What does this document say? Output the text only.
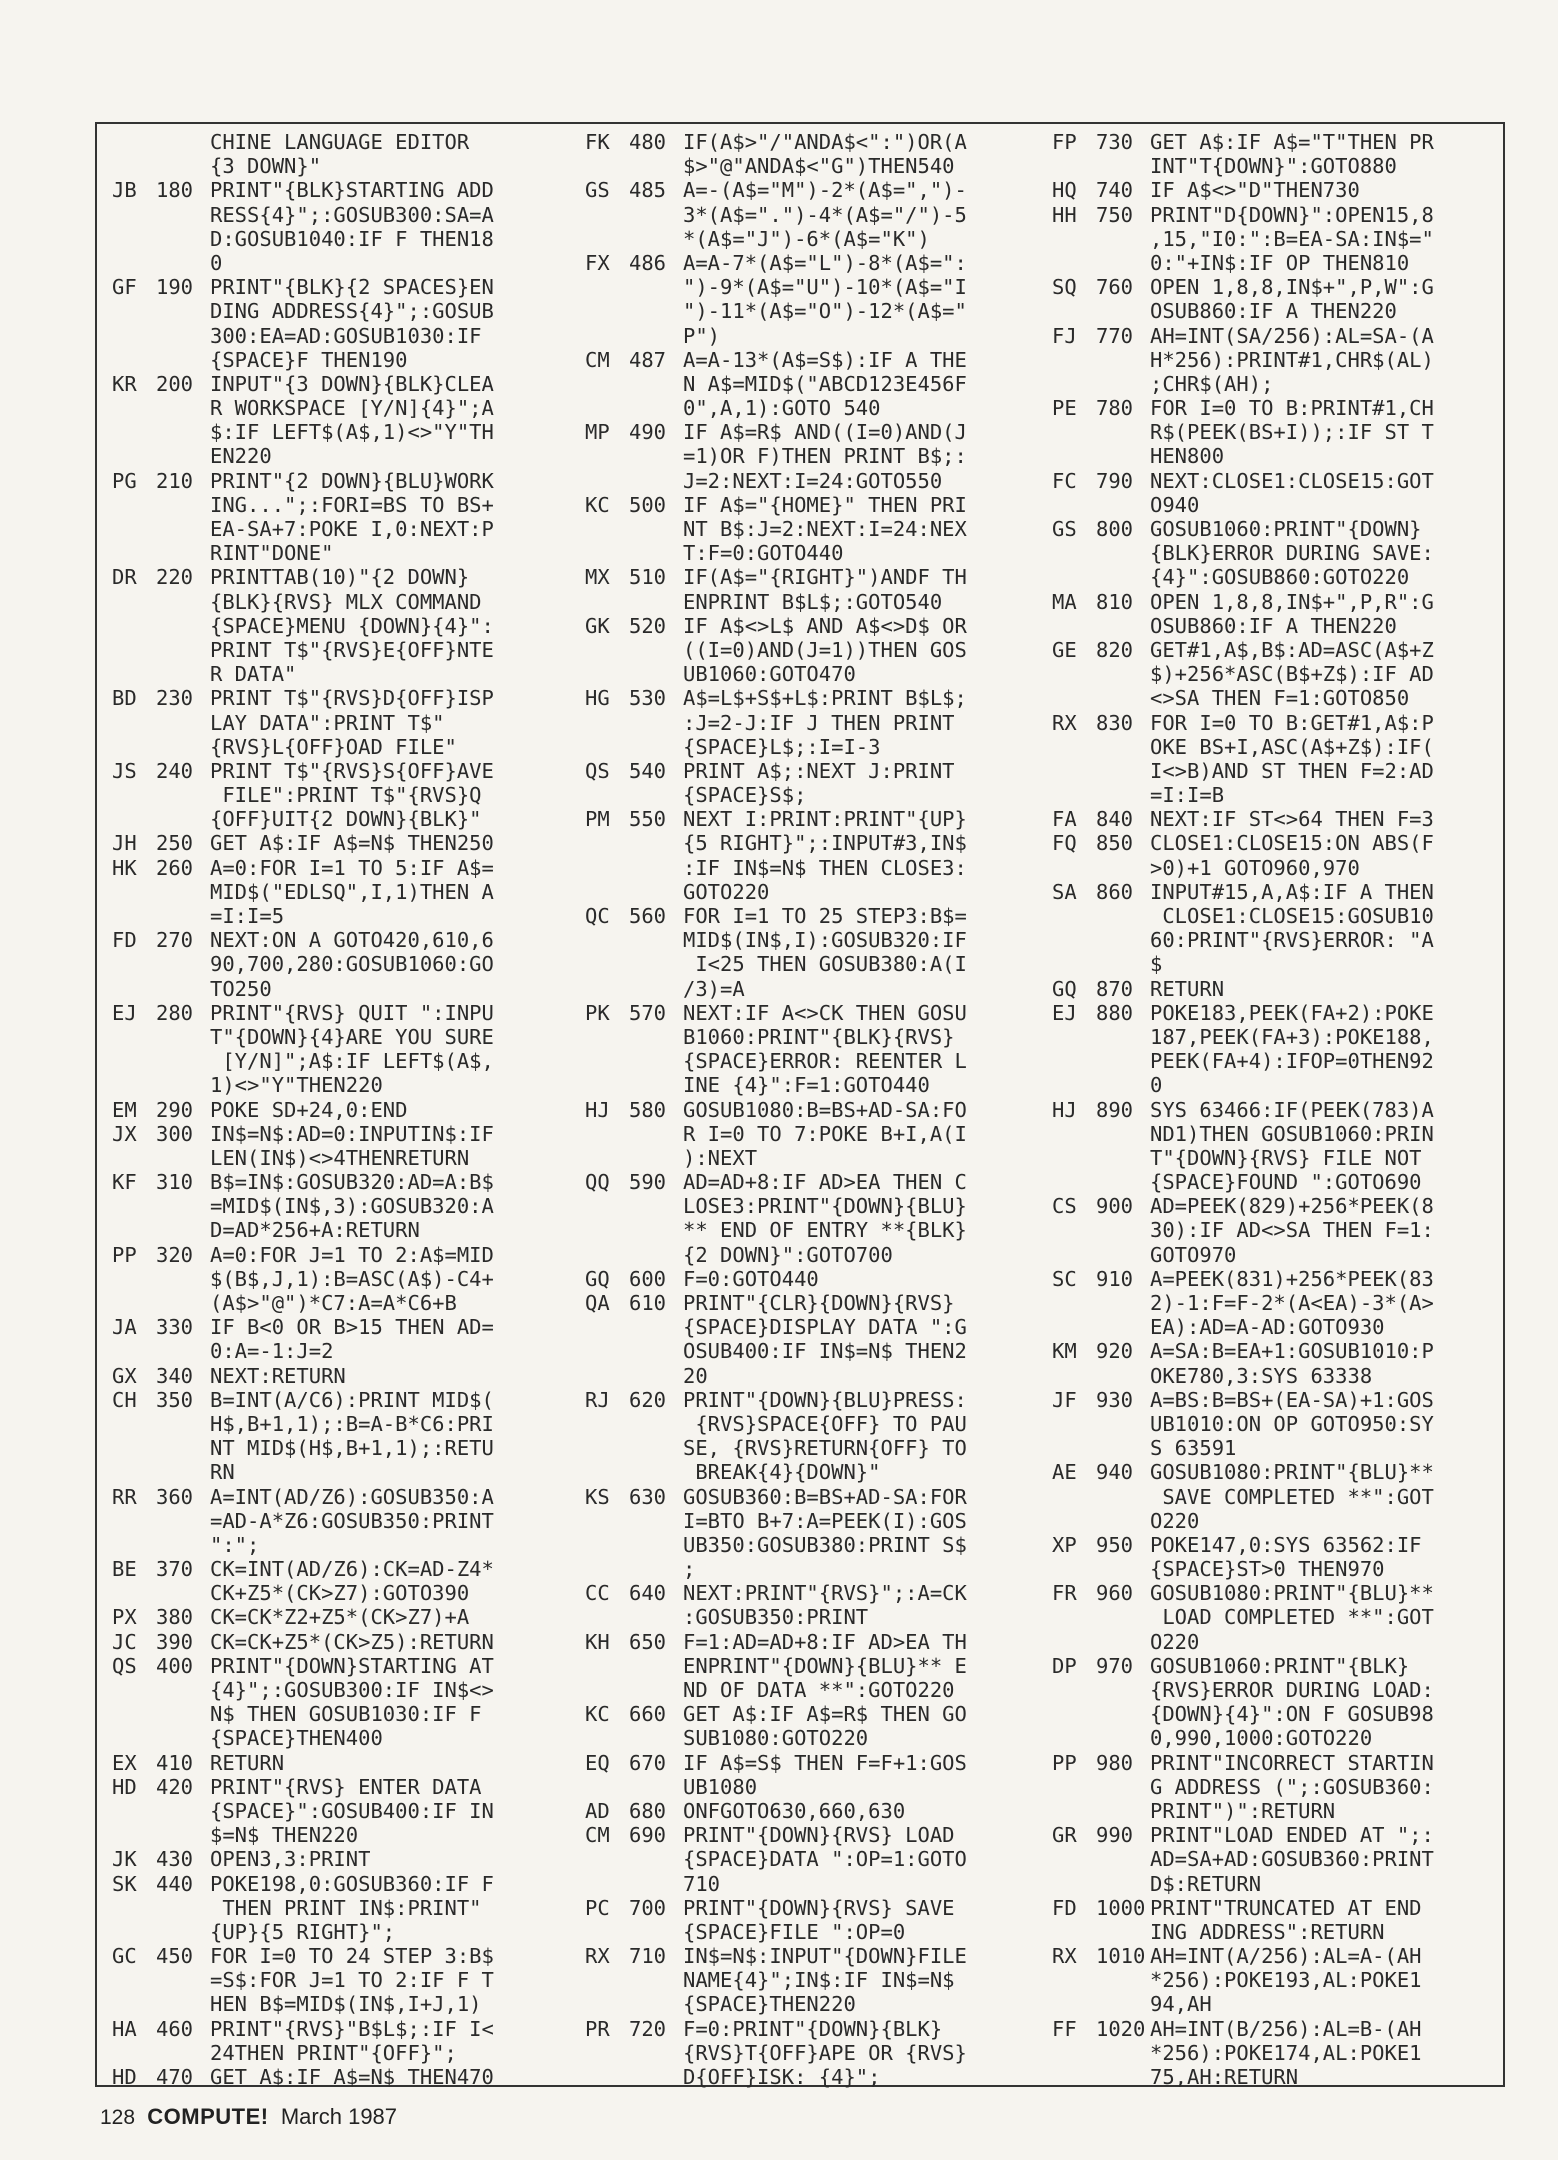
CHINE LANGUAGE EDITOR
{3 DOWN}"
JB 180 PRINT"{BLK}STARTING ADD
RESS{4}";:GOSUB300:SA=A
D:GOSUB1040:IF F THEN18
0
GF 190 PRINT"{BLK}{2 SPACES}EN
DING ADDRESS{4}";:GOSUB
300:EA=AD:GOSUB1030:IF
{SPACE}F THEN190
KR 200 INPUT"{3 DOWN}{BLK}CLEA
R WORKSPACE [Y/N]{4}";A
$:IF LEFT$(A$,1)<>"Y"TH
EN220
PG 210 PRINT"{2 DOWN}{BLU}WORK
ING...";:FORI=BS TO BS+
EA-SA+7:POKE I,0:NEXT:P
RINT"DONE"
DR 220 PRINTTAB(10)"{2 DOWN}
{BLK}{RVS} MLX COMMAND
{SPACE}MENU {DOWN}{4}":
PRINT T$"{RVS}E{OFF}NTE
R DATA"
BD 230 PRINT T$"{RVS}D{OFF}ISP
LAY DATA":PRINT T$"
{RVS}L{OFF}OAD FILE"
JS 240 PRINT T$"{RVS}S{OFF}AVE
FILE":PRINT T$"{RVS}Q
{OFF}UIT{2 DOWN}{BLK}"
JH 250 GET A$:IF A$=N$ THEN250
HK 260 A=0:FOR I=1 TO 5:IF A$=
MID$("EDLSQ",I,1)THEN A
=I:I=5
FD 270 NEXT:ON A GOTO420,610,6
90,700,280:GOSUB1060:GO
TO250
EJ 280 PRINT"{RVS} QUIT ":INPU
T"{DOWN}{4}ARE YOU SURE
[Y/N]";A$:IF LEFT$(A$,
1)<>"Y"THEN220
EM 290 POKE SD+24,0:END
JX 300 IN$=N$:AD=0:INPUTIN$:IF
LEN(IN$)<>4THENRETURN
KF 310 B$=IN$:GOSUB320:AD=A:B$
=MID$(IN$,3):GOSUB320:A
D=AD*256+A:RETURN
PP 320 A=0:FOR J=1 TO 2:A$=MID
$(B$,J,1):B=ASC(A$)-C4+
(A$>"@")*C7:A=A*C6+B
JA 330 IF B<0 OR B>15 THEN AD=
0:A=-1:J=2
GX 340 NEXT:RETURN
CH 350 B=INT(A/C6):PRINT MID$(
H$,B+1,1);:B=A-B*C6:PRI
NT MID$(H$,B+1,1);:RETU
RN
RR 360 A=INT(AD/Z6):GOSUB350:A
=AD-A*Z6:GOSUB350:PRINT
":";
BE 370 CK=INT(AD/Z6):CK=AD-Z4*
CK+Z5*(CK>Z7):GOTO390
PX 380 CK=CK*Z2+Z5*(CK>Z7)+A
JC 390 CK=CK+Z5*(CK>Z5):RETURN
QS 400 PRINT"{DOWN}STARTING AT
{4}";:GOSUB300:IF IN$<>
N$ THEN GOSUB1030:IF F
{SPACE}THEN400
EX 410 RETURN
HD 420 PRINT"{RVS} ENTER DATA
{SPACE}":GOSUB400:IF IN
$=N$ THEN220
JK 430 OPEN3,3:PRINT
SK 440 POKE198,0:GOSUB360:IF F
THEN PRINT IN$:PRINT"
{UP}{5 RIGHT}";
GC 450 FOR I=0 TO 24 STEP 3:B$
=S$:FOR J=1 TO 2:IF F T
HEN B$=MID$(IN$,I+J,1)
HA 460 PRINT"{RVS}"B$L$;:IF I<
24THEN PRINT"{OFF}";
HD 470 GET A$:IF A$=N$ THEN470
FK 480 IF(A$>"/"ANDA$<":")OR(A
$>"@"ANDA$<"G")THEN540
GS 485 A=-(A$="M")-2*(A$=",")-
3*(A$=".")-4*(A$="/")-5
*(A$="J")-6*(A$="K")
FX 486 A=A-7*(A$="L")-8*(A$=":
")-9*(A$="U")-10*(A$="I
")-11*(A$="O")-12*(A$="
P")
CM 487 A=A-13*(A$=S$):IF A THE
N A$=MID$("ABCD123E456F
0",A,1):GOTO 540
MP 490 IF A$=R$ AND((I=0)AND(J
=1)OR F)THEN PRINT B$;:
J=2:NEXT:I=24:GOTO550
KC 500 IF A$="{HOME}" THEN PRI
NT B$:J=2:NEXT:I=24:NEX
T:F=0:GOTO440
MX 510 IF(A$="{RIGHT}")ANDF TH
ENPRINT B$L$;:GOTO540
GK 520 IF A$<>L$ AND A$<>D$ OR
((I=0)AND(J=1))THEN GOS
UB1060:GOTO470
HG 530 A$=L$+S$+L$:PRINT B$L$;
:J=2-J:IF J THEN PRINT
{SPACE}L$;:I=I-3
QS 540 PRINT A$;:NEXT J:PRINT
{SPACE}S$;
PM 550 NEXT I:PRINT:PRINT"{UP}
{5 RIGHT}";:INPUT#3,IN$
:IF IN$=N$ THEN CLOSE3:
GOTO220
QC 560 FOR I=1 TO 25 STEP3:B$=
MID$(IN$,I):GOSUB320:IF
I<25 THEN GOSUB380:A(I
/3)=A
PK 570 NEXT:IF A<>CK THEN GOSU
B1060:PRINT"{BLK}{RVS}
{SPACE}ERROR: REENTER L
INE {4}":F=1:GOTO440
HJ 580 GOSUB1080:B=BS+AD-SA:FO
R I=0 TO 7:POKE B+I,A(I
):NEXT
QQ 590 AD=AD+8:IF AD>EA THEN C
LOSE3:PRINT"{DOWN}{BLU}
** END OF ENTRY **{BLK}
{2 DOWN}":GOTO700
GQ 600 F=0:GOTO440
QA 610 PRINT"{CLR}{DOWN}{RVS}
{SPACE}DISPLAY DATA ":G
OSUB400:IF IN$=N$ THEN2
20
RJ 620 PRINT"{DOWN}{BLU}PRESS:
{RVS}SPACE{OFF} TO PAU
SE, {RVS}RETURN{OFF} TO
BREAK{4}{DOWN}"
KS 630 GOSUB360:B=BS+AD-SA:FOR
I=BTO B+7:A=PEEK(I):GOS
UB350:GOSUB380:PRINT S$
;
CC 640 NEXT:PRINT"{RVS}";:A=CK
:GOSUB350:PRINT
KH 650 F=1:AD=AD+8:IF AD>EA TH
ENPRINT"{DOWN}{BLU}** E
ND OF DATA **":GOTO220
KC 660 GET A$:IF A$=R$ THEN GO
SUB1080:GOTO220
EQ 670 IF A$=S$ THEN F=F+1:GOS
UB1080
AD 680 ONFGOTO630,660,630
CM 690 PRINT"{DOWN}{RVS} LOAD
{SPACE}DATA ":OP=1:GOTO
710
PC 700 PRINT"{DOWN}{RVS} SAVE
{SPACE}FILE ":OP=0
RX 710 IN$=N$:INPUT"{DOWN}FILE
NAME{4}";IN$:IF IN$=N$
{SPACE}THEN220
PR 720 F=0:PRINT"{DOWN}{BLK}
{RVS}T{OFF}APE OR {RVS}
D{OFF}ISK: {4}";
FP 730 GET A$:IF A$="T"THEN PR
INT"T{DOWN}":GOTO880
HQ 740 IF A$<>"D"THEN730
HH 750 PRINT"D{DOWN}":OPEN15,8
,15,"I0:":B=EA-SA:IN$="
0:"+IN$:IF OP THEN810
SQ 760 OPEN 1,8,8,IN$+",P,W":G
OSUB860:IF A THEN220
FJ 770 AH=INT(SA/256):AL=SA-(A
H*256):PRINT#1,CHR$(AL)
;CHR$(AH);
PE 780 FOR I=0 TO B:PRINT#1,CH
R$(PEEK(BS+I));:IF ST T
HEN800
FC 790 NEXT:CLOSE1:CLOSE15:GOT
O940
GS 800 GOSUB1060:PRINT"{DOWN}
{BLK}ERROR DURING SAVE:
{4}":GOSUB860:GOTO220
MA 810 OPEN 1,8,8,IN$+",P,R":G
OSUB860:IF A THEN220
GE 820 GET#1,A$,B$:AD=ASC(A$+Z
$)+256*ASC(B$+Z$):IF AD
<>SA THEN F=1:GOTO850
RX 830 FOR I=0 TO B:GET#1,A$:P
OKE BS+I,ASC(A$+Z$):IF(
I<>B)AND ST THEN F=2:AD
=I:I=B
FA 840 NEXT:IF ST<>64 THEN F=3
FQ 850 CLOSE1:CLOSE15:ON ABS(F
>0)+1 GOTO960,970
SA 860 INPUT#15,A,A$:IF A THEN
CLOSE1:CLOSE15:GOSUB10
60:PRINT"{RVS}ERROR: "A
$
GQ 870 RETURN
EJ 880 POKE183,PEEK(FA+2):POKE
187,PEEK(FA+3):POKE188,
PEEK(FA+4):IFOP=0THEN92
0
HJ 890 SYS 63466:IF(PEEK(783)A
ND1)THEN GOSUB1060:PRIN
T"{DOWN}{RVS} FILE NOT
{SPACE}FOUND ":GOTO690
CS 900 AD=PEEK(829)+256*PEEK(8
30):IF AD<>SA THEN F=1:
GOTO970
SC 910 A=PEEK(831)+256*PEEK(83
2)-1:F=F-2*(A<EA)-3*(A>
EA):AD=A-AD:GOTO930
KM 920 A=SA:B=EA+1:GOSUB1010:P
OKE780,3:SYS 63338
JF 930 A=BS:B=BS+(EA-SA)+1:GOS
UB1010:ON OP GOTO950:SY
S 63591
AE 940 GOSUB1080:PRINT"{BLU}**
SAVE COMPLETED **":GOT
O220
XP 950 POKE147,0:SYS 63562:IF
{SPACE}ST>0 THEN970
FR 960 GOSUB1080:PRINT"{BLU}**
LOAD COMPLETED **":GOT
O220
DP 970 GOSUB1060:PRINT"{BLK}
{RVS}ERROR DURING LOAD:
{DOWN}{4}":ON F GOSUB98
0,990,1000:GOTO220
PP 980 PRINT"INCORRECT STARTIN
G ADDRESS (";:GOSUB360:
PRINT")":RETURN
GR 990 PRINT"LOAD ENDED AT ";:
AD=SA+AD:GOSUB360:PRINT
D$:RETURN
FD 1000 PRINT"TRUNCATED AT END
ING ADDRESS":RETURN
RX 1010 AH=INT(A/256):AL=A-(AH
*256):POKE193,AL:POKE1
94,AH
FF 1020 AH=INT(B/256):AL=B-(AH
*256):POKE174,AL:POKE1
75,AH:RETURN
128 COMPUTE! March 1987
